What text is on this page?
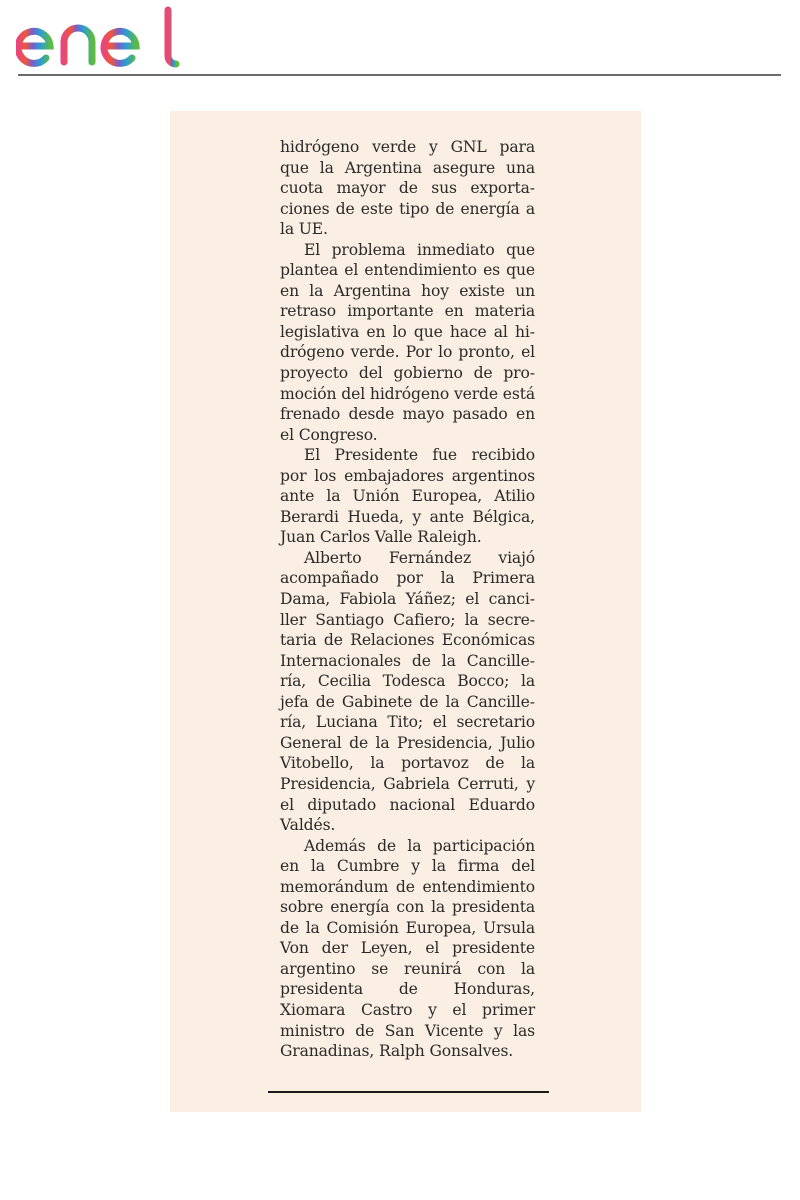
enel

hidrógeno verde y GNL para que la Argentina asegure una cuota mayor de sus exportaciones de este tipo de energía a la UE.

El problema inmediato que plantea el entendimiento es que en la Argentina hoy existe un retraso importante en materia legislativa en lo que hace al hidrógeno verde. Por lo pronto, el proyecto del gobierno de promoción del hidrógeno verde está frenado desde mayo pasado en el Congreso.

El Presidente fue recibido por los embajadores argentinos ante la Unión Europea, Atilio Berardi Hueda, y ante Bélgica, Juan Carlos Valle Raleigh.

Alberto Fernández viajó acompañado por la Primera Dama, Fabiola Yáñez; el canciller Santiago Cafiero; la secretaria de Relaciones Económicas Internacionales de la Cancillería, Cecilia Todesca Bocco; la jefa de Gabinete de la Cancillería, Luciana Tito; el secretario General de la Presidencia, Julio Vitobello, la portavoz de la Presidencia, Gabriela Cerruti, y el diputado nacional Eduardo Valdés.

Además de la participación en la Cumbre y la firma del memorándum de entendimiento sobre energía con la presidenta de la Comisión Europea, Ursula Von der Leyen, el presidente argentino se reunirá con la presidenta de Honduras, Xiomara Castro y el primer ministro de San Vicente y las Granadinas, Ralph Gonsalves.
